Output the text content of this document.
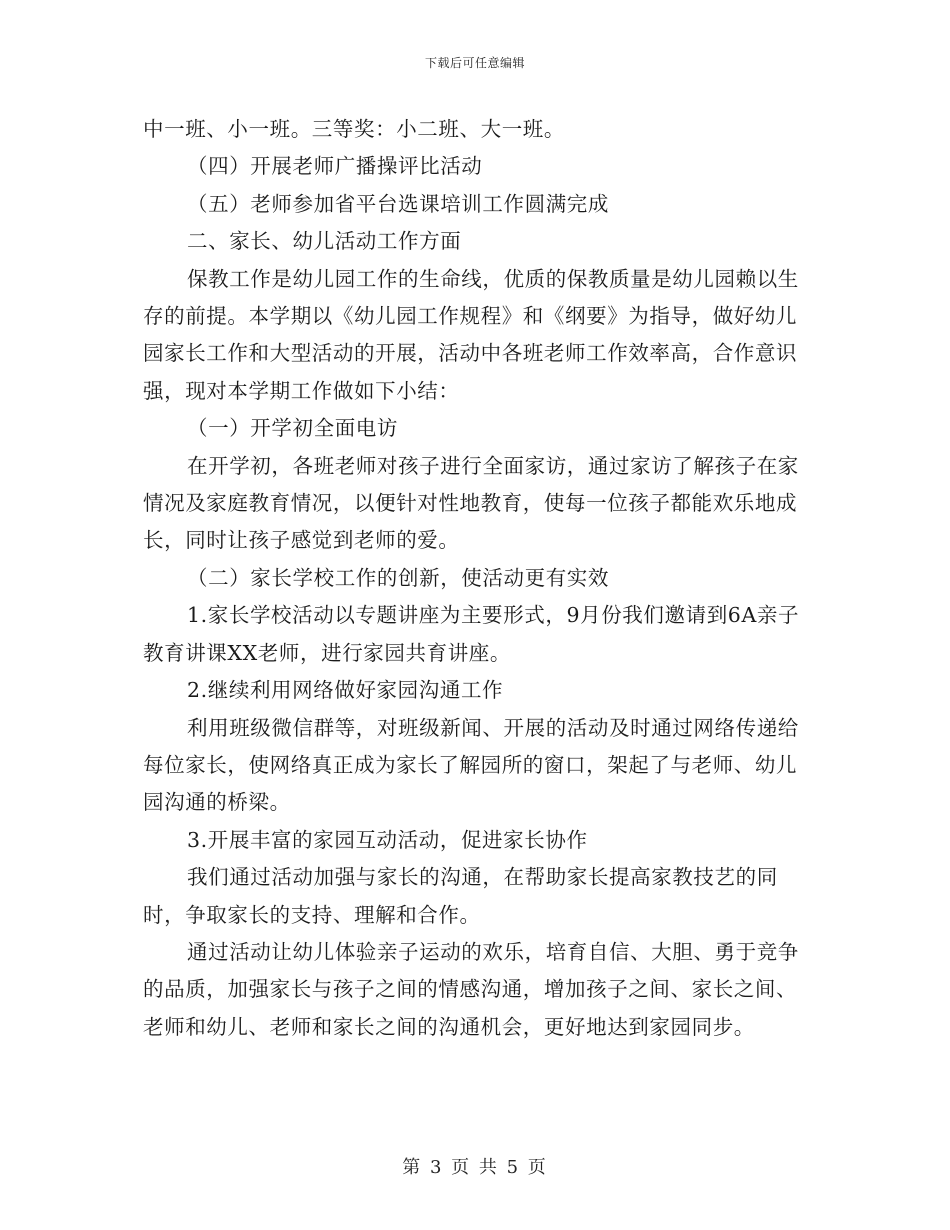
下载后可任意编辑

中一班、小一班。三等奖：小二班、大一班。

（四）开展老师广播操评比活动

（五）老师参加省平台选课培训工作圆满完成

二、家长、幼儿活动工作方面

保教工作是幼儿园工作的生命线，优质的保教质量是幼儿园赖以生存的前提。本学期以《幼儿园工作规程》和《纲要》为指导，做好幼儿园家长工作和大型活动的开展，活动中各班老师工作效率高，合作意识强，现对本学期工作做如下小结：

（一）开学初全面电访

在开学初，各班老师对孩子进行全面家访，通过家访了解孩子在家情况及家庭教育情况，以便针对性地教育，使每一位孩子都能欢乐地成长，同时让孩子感觉到老师的爱。

（二）家长学校工作的创新，使活动更有实效

1.家长学校活动以专题讲座为主要形式，9月份我们邀请到6A亲子教育讲课XX老师，进行家园共育讲座。

2.继续利用网络做好家园沟通工作

利用班级微信群等，对班级新闻、开展的活动及时通过网络传递给每位家长，使网络真正成为家长了解园所的窗口，架起了与老师、幼儿园沟通的桥梁。

3.开展丰富的家园互动活动，促进家长协作

我们通过活动加强与家长的沟通，在帮助家长提高家教技艺的同时，争取家长的支持、理解和合作。

通过活动让幼儿体验亲子运动的欢乐，培育自信、大胆、勇于竞争的品质，加强家长与孩子之间的情感沟通，增加孩子之间、家长之间、老师和幼儿、老师和家长之间的沟通机会，更好地达到家园同步。

第 3 页 共 5 页
